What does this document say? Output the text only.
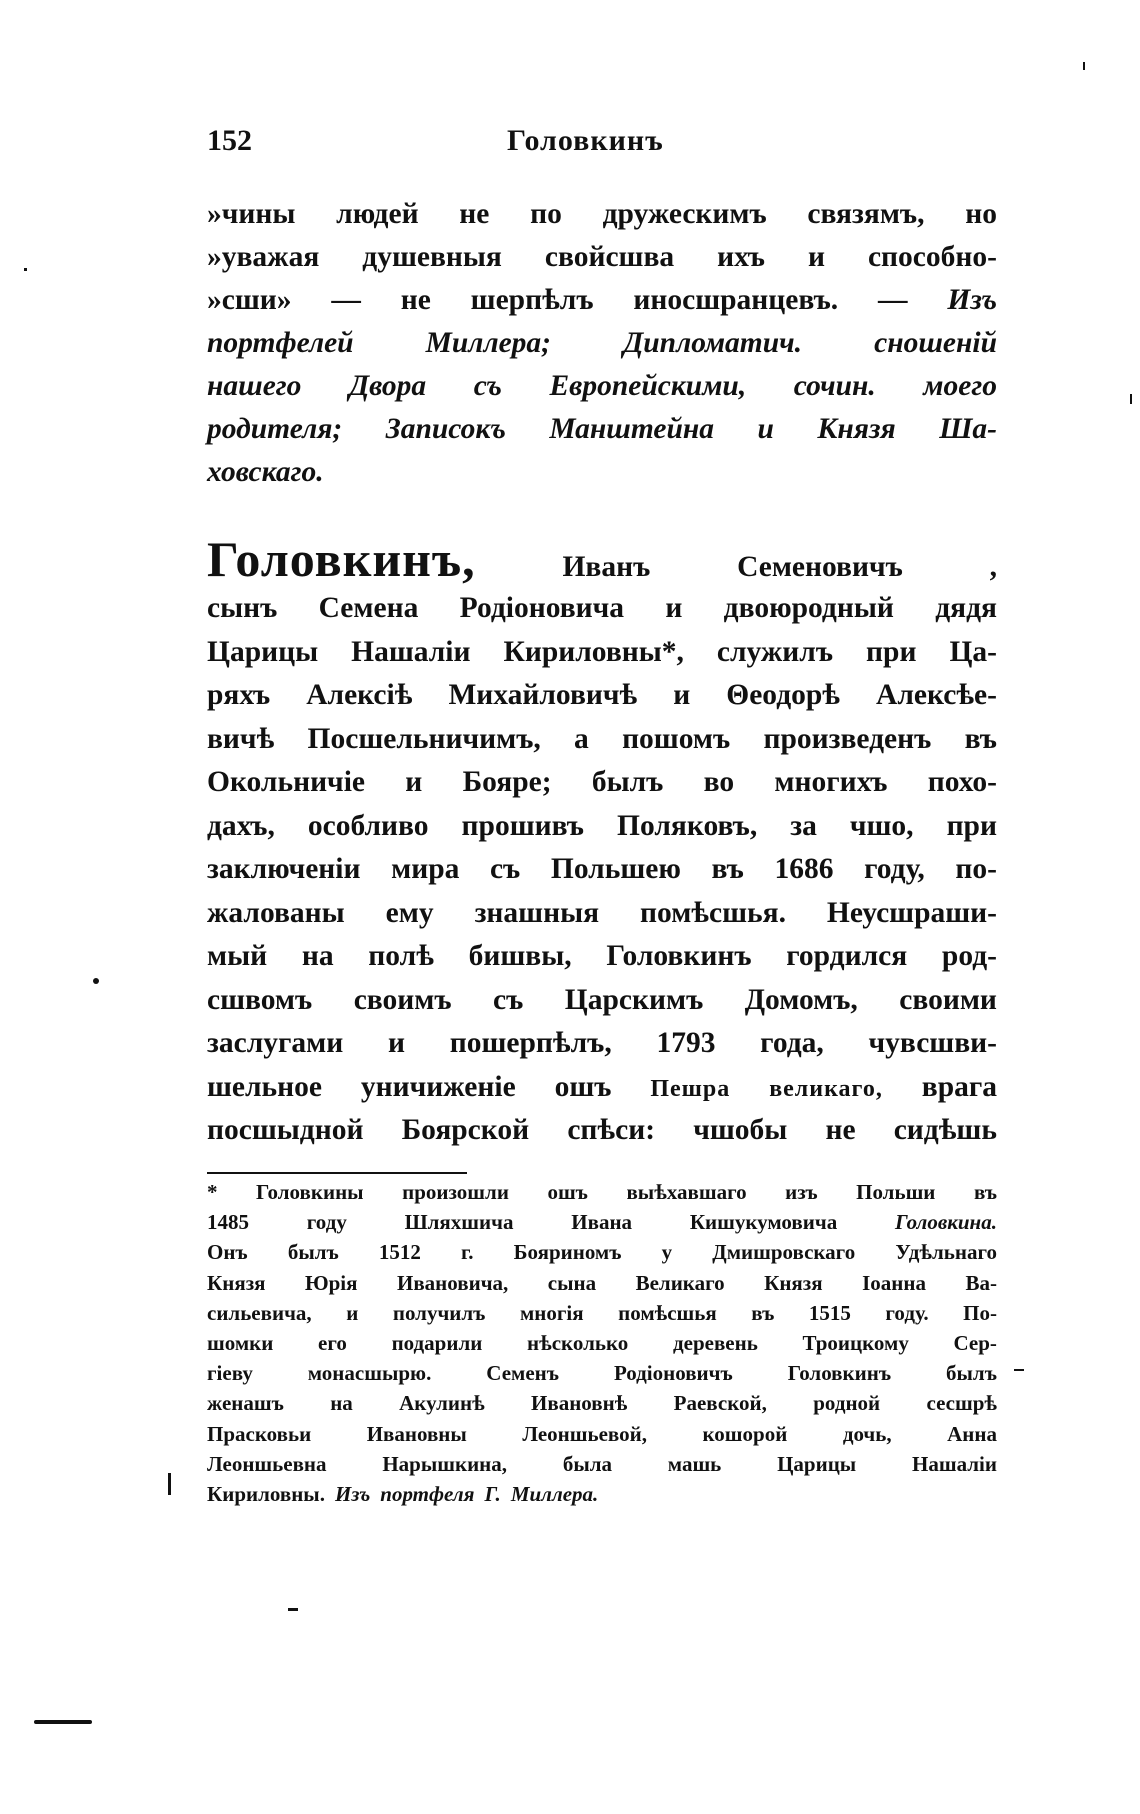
152	Головкинъ
»чины людей не по дружескимъ связямъ, но
»уважая душевныя свойсшва ихъ и способно-
»сши» — не шерпѣлъ иносшранцевъ. — Изъ
портфелей Миллера; Дипломатич. сношеній
нашего Двора съ Европейскими, сочин. моего
родителя; Записокъ Манштейна и Князя Ша-
ховскаго.
Головкинъ,	Иванъ	Семеновичъ	,
сынъ Семена Родіоновича и двоюродный дядя
Царицы Нашаліи Кириловны*, служилъ при Ца-
ряхъ Алексіѣ Михайловичѣ и Θеодорѣ Алексѣе-
вичѣ Посшельничимъ, а пошомъ произведенъ въ
Окольничіе и Бояре; былъ во многихъ похо-
дахъ, особливо прошивъ Поляковъ, за чшо, при
заключеніи мира съ Польшею въ 1686 году, по-
жалованы ему знашныя помѣсшья. Неусшраши-
мый на полѣ бишвы, Головкинъ гордился род-
сшвомъ своимъ съ Царскимъ Домомъ, своими
заслугами и пошерпѣлъ, 1793 года, чувсшви-
шельное уничиженіе ошъ Пешра великаго, врага
посшыдной Боярской спѣси: чшобы не сидѣшь
* Головкины произошли ошъ выѣхавшаго изъ Польши въ
1485	году	Шляхшича	Ивана	Кишукумовича	Головкина.
Онъ былъ 1512 г. Бояриномъ у Дмишровскаго Удѣльнаго
Князя Юрія Ивановича, сына Великаго Князя Іоанна Ва-
сильевича, и получилъ многія помѣсшья въ 1515 году. По-
шомки его подарили нѣсколько деревень Троицкому Сер-
гіеву	монасшырю.	Семенъ	Родіоновичъ	Головкинъ	былъ
женашъ на Акулинѣ Ивановнѣ Раевской, родной сесшрѣ
Прасковьи	Ивановны	Леоншьевой,	кошорой	дочь,	Анна
Леоншьевна	Нарышкина,	была	машь	Царицы	Нашаліи
Кириловны. Изъ портфеля Г. Миллера.
